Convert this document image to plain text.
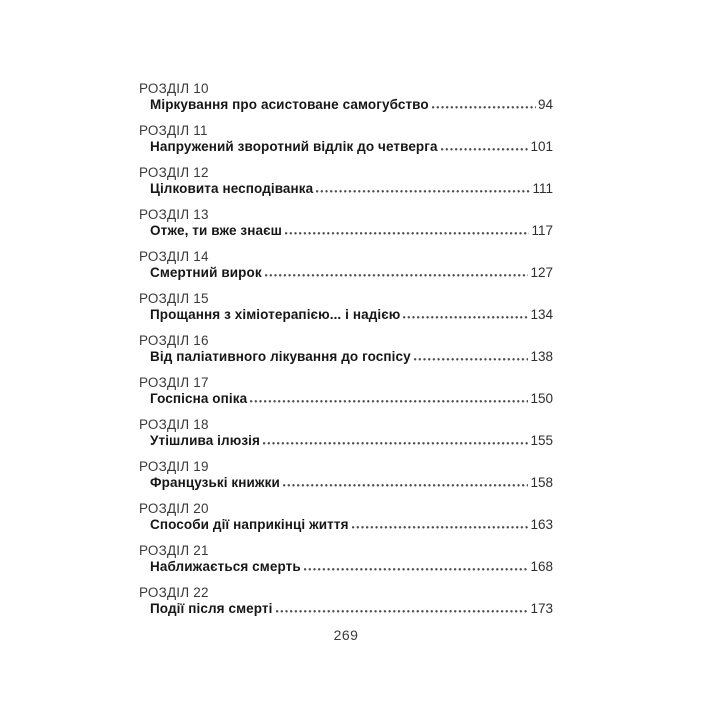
РОЗДІЛ 10
Міркування про асистоване самогубство	94
РОЗДІЛ 11
Напружений зворотний відлік до четверга	101
РОЗДІЛ 12
Цілковита несподіванка	111
РОЗДІЛ 13
Отже, ти вже знаєш	117
РОЗДІЛ 14
Смертний вирок	127
РОЗДІЛ 15
Прощання з хіміотерапією... і надією	134
РОЗДІЛ 16
Від паліативного лікування до госпісу	138
РОЗДІЛ 17
Госпісна опіка	150
РОЗДІЛ 18
Утішлива ілюзія	155
РОЗДІЛ 19
Французькі книжки	158
РОЗДІЛ 20
Способи дії наприкінці життя	163
РОЗДІЛ 21
Наближається смерть	168
РОЗДІЛ 22
Події після смерті	173
269
